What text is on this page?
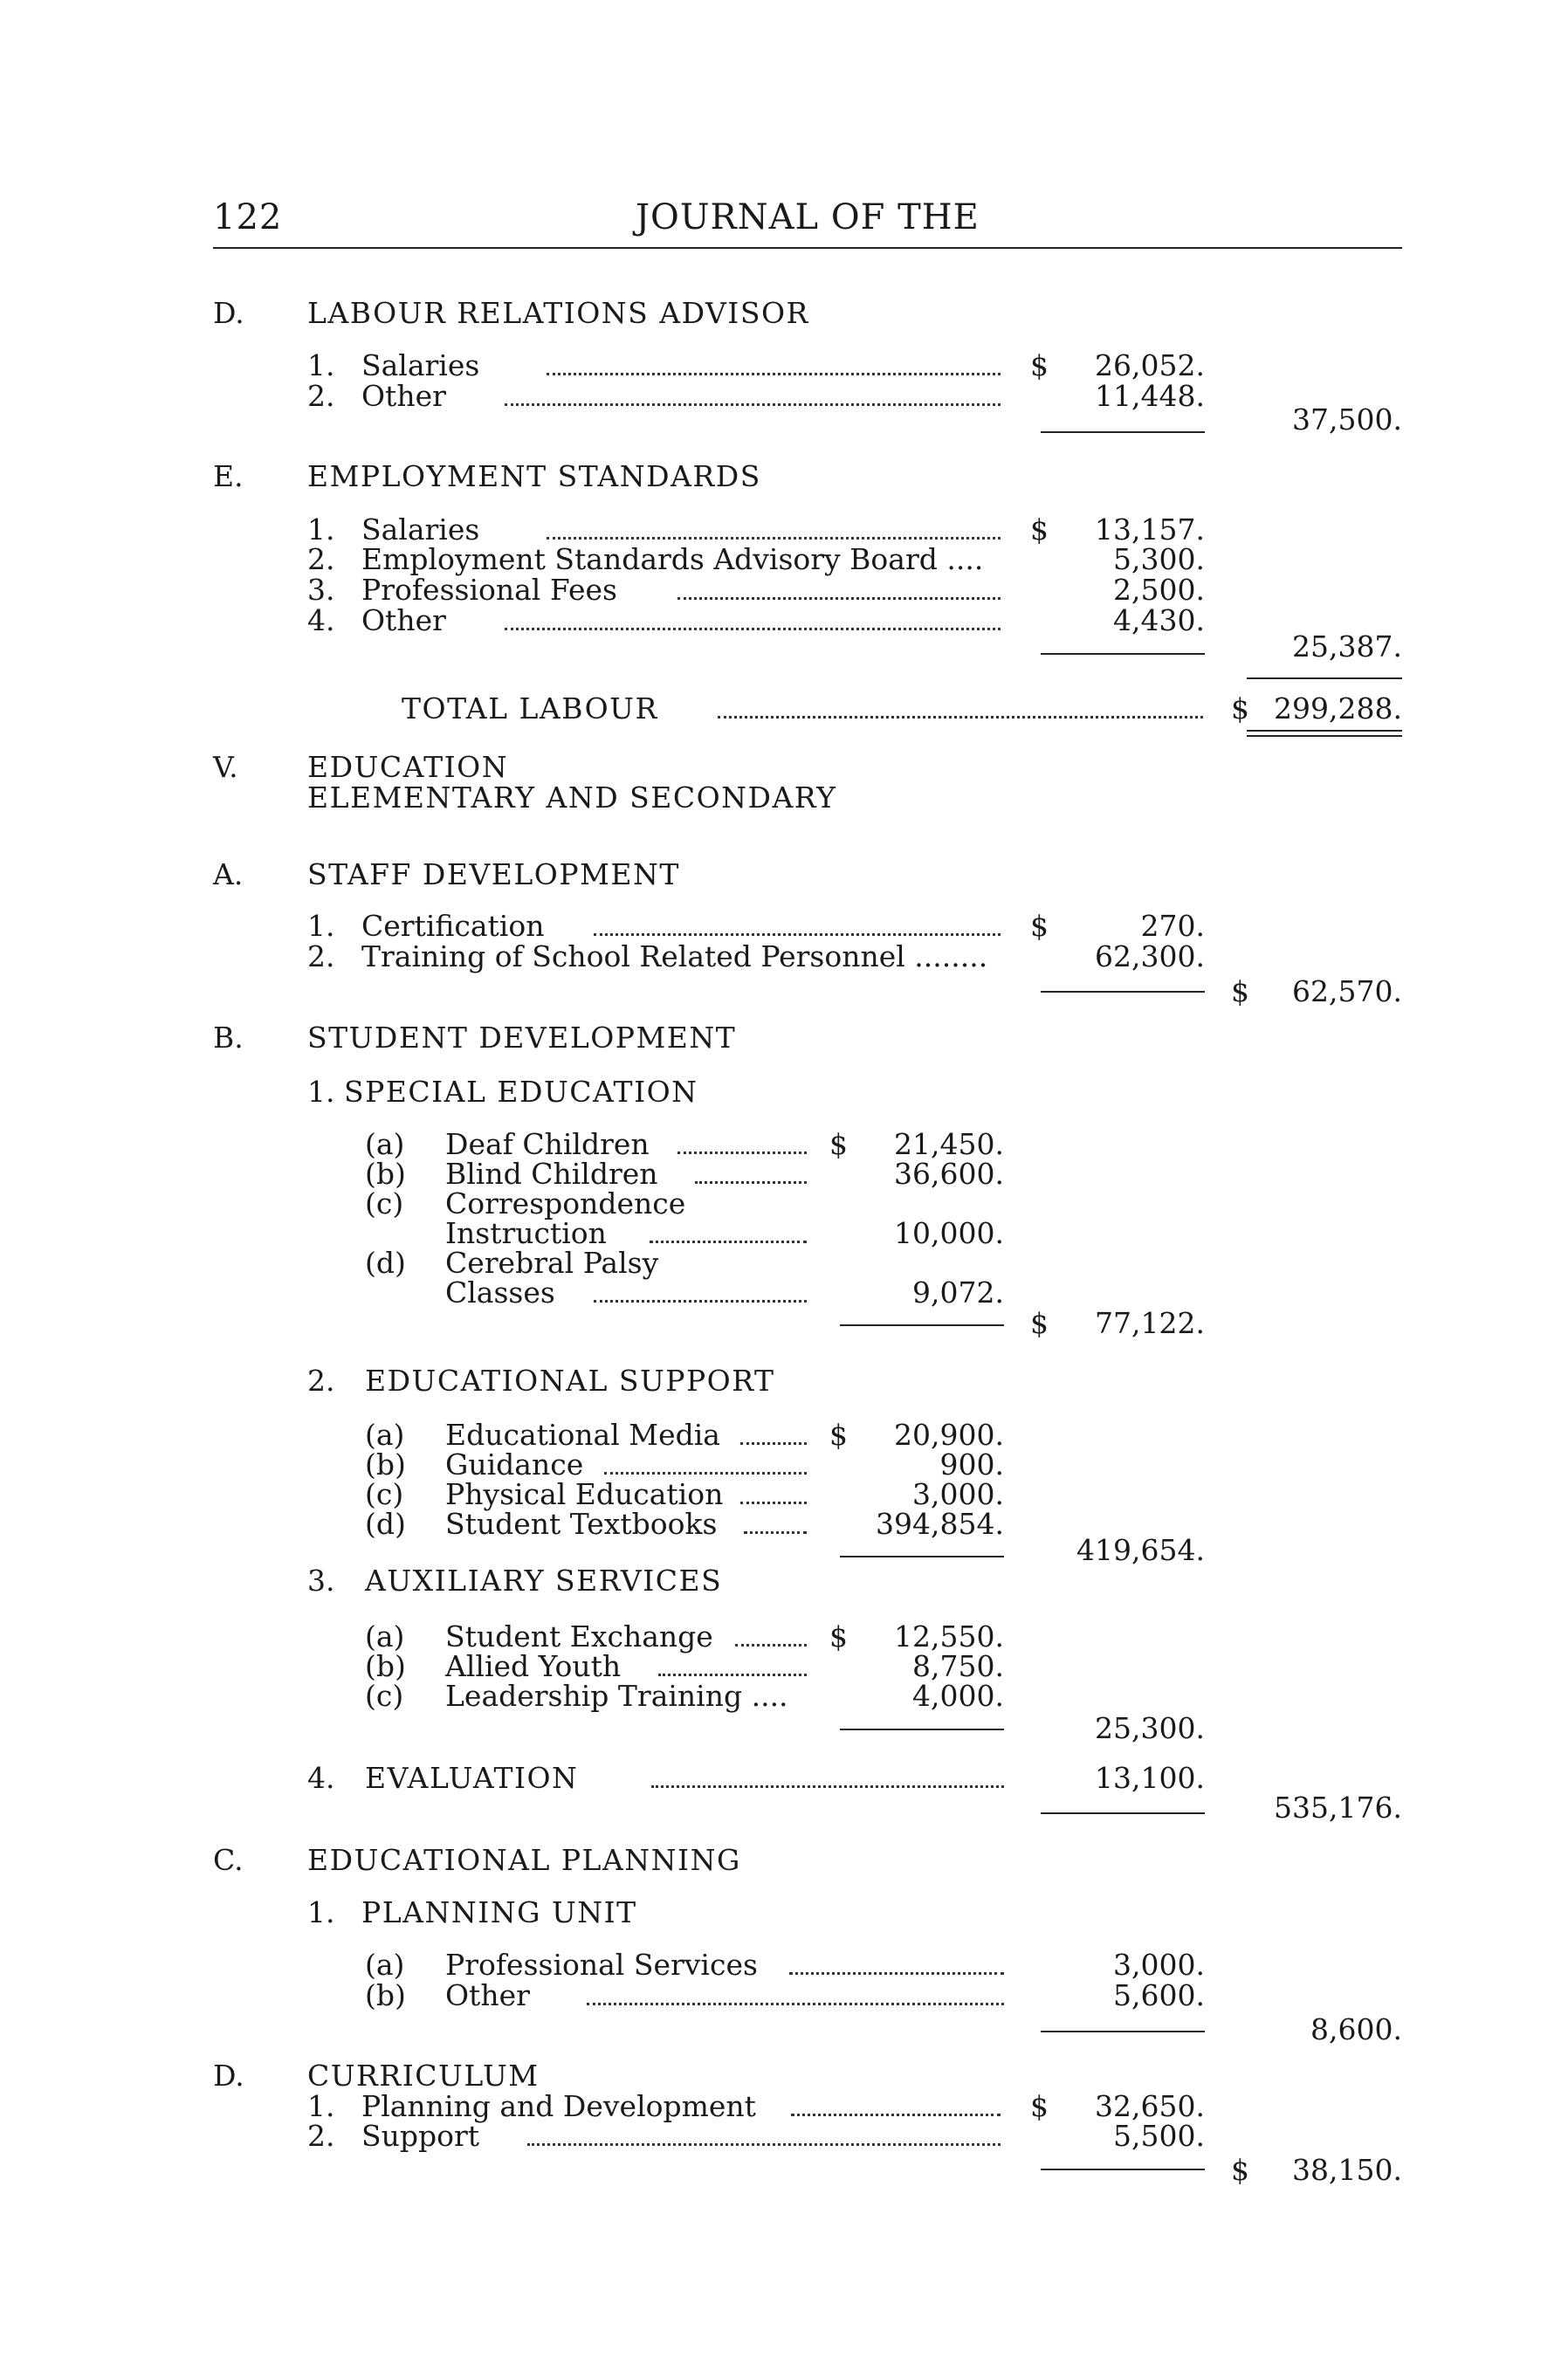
122	JOURNAL OF THE
D. LABOUR RELATIONS ADVISOR
1. Salaries	$	26,052.
2. Other	11,448.
37,500.
E. EMPLOYMENT STANDARDS
1. Salaries	$	13,157.
2. Employment Standards Advisory Board ....	5,300.
3. Professional Fees	2,500.
4. Other	4,430.
25,387.
TOTAL LABOUR	$ 299,288.
V. EDUCATION
ELEMENTARY AND SECONDARY
A. STAFF DEVELOPMENT
1. Certification	$	270.
2. Training of School Related Personnel ........	62,300.
$	62,570.
B. STUDENT DEVELOPMENT
1. SPECIAL EDUCATION
(a) Deaf Children	$	21,450.
(b) Blind Children	36,600.
(c) Correspondence
Instruction	10,000.
(d) Cerebral Palsy
Classes	9,072.
$	77,122.
2. EDUCATIONAL SUPPORT
(a) Educational Media	$	20,900.
(b) Guidance	900.
(c) Physical Education	3,000.
(d) Student Textbooks	394,854.
419,654.
3. AUXILIARY SERVICES
(a) Student Exchange	$	12,550.
(b) Allied Youth	8,750.
(c) Leadership Training ....	4,000.
25,300.
4. EVALUATION	13,100.
535,176.
C. EDUCATIONAL PLANNING
1. PLANNING UNIT
(a) Professional Services	3,000.
(b) Other	5,600.
8,600.
D. CURRICULUM
1. Planning and Development	$	32,650.
2. Support	5,500.
$	38,150.
